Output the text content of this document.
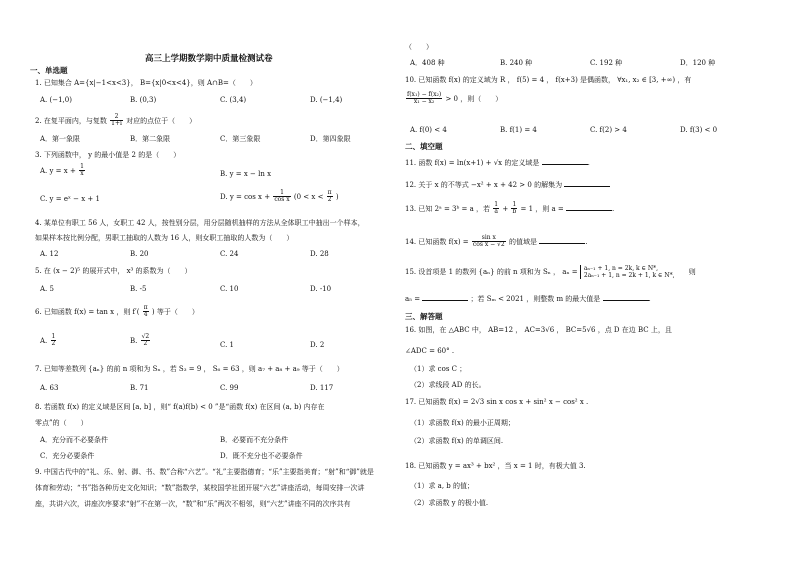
高三上学期数学期中质量检测试卷
一、单选题
1. 已知集合 A={x|−1<x<3}， B={x|0<x<4}，则 A∩B=（　　）
A. (−1,0)	B. (0,3)	C. (3,4)	D. (−1,4)
2. 在复平面内，与复数 $\frac{2}{1+i}$ 对应的点位于（　　）
A．第一象限	B．第二象限	C．第三象限	D．第四象限
3. 下列函数中， y 的最小值是 2 的是（　　）
A. $y = x + \frac{1}{x}$	B. y = x − ln x
C. y = eˣ − x + 1	D. $y = \cos x + \frac{1}{\text{cos x}} (0 < x < \frac{\pi}{2}$ )
4. 某单位有职工 56 人，女职工 42 人，按性别分层，用分层随机抽样的方法从全体职工中抽出一个样本，
如果样本按比例分配，男职工抽取的人数为 16 人，则女职工抽取的人数为（　　）
A. 12	B. 20	C. 24	D. 28
5. 在 (x − 2)⁵ 的展开式中， x³ 的系数为（　　）
A. 5	B. -5	C. 10	D. -10
6. 已知函数 f(x) = tan x ，则 $f'( \frac{\pi}{4}$ ) 等于（　　）
A. $\frac{1}{2}$	B. $\frac{√2}{2}$	C. 1	D. 2
7. 已知等差数列 {aₙ} 的前 n 项和为 Sₙ ，若 S₃ = 9 ， S₆ = 63 ，则 a₇ + a₈ + a₉ 等于（　　）
A. 63	B. 71	C. 99	D. 117
8. 若函数 f(x) 的定义域是区间 [a, b] ，则“ f(a)f(b) < 0 ”是“函数 f(x) 在区间 (a, b) 内存在
零点”的（　　）
A．充分而不必要条件	B．必要而不充分条件
C．充分必要条件	D．既不充分也不必要条件
9. 中国古代中的“礼、乐、射、御、书、数”合称“六艺”。“礼”主要指德育；“乐”主要指美育；“射”和“御”就是
体育和劳动；“书”指各种历史文化知识；“数”指数学，某校国学社团开展“六艺”讲座活动，每周安排一次讲
座，共讲六次，讲座次序要求“射”不在第一次，“数”和“乐”两次不相邻，则“六艺”讲座不同的次序共有
（　　）
A．408 种	B. 240 种	C. 192 种	D．120 种
10. 已知函数 f(x) 的定义域为 R ， f(5) = 4 ， f(x+3) 是偶函数， ∀x₁, x₂ ∈ [3, +∞) ，有
$\frac{\text{f(x₁) − f(x₂)}}{\text{x₁ − x₂}} > 0$ ，则（　　）
A. f(0) < 4	B. f(1) = 4	C. f(2) > 4	D. f(3) < 0
二、填空题
11. 函数 f(x) = ln(x+1) + √x 的定义域是	.
12. 关于 x 的不等式 −x² + x + 42 > 0 的解集为
13. 已知 2ᵃ = 3ᵇ = a ，若 $\frac{1}{a} + \frac{1}{b} = 1$ ，则 a =	.
14. 已知函数 $f(x) = \frac{\text{sin x}}{\text{cos x − √2}}$ 的值域是	.
15. 设首项是 1 的数列 {aₙ} 的前 n 项和为 Sₙ ， aₙ = aₙ₋₁ + 1, n = 2k, k ∈ N*,
2aₙ₋₁ + 1, n = 2k + 1, k ∈ N*, 则
a₅ =	；若 Sₘ < 2021 ，则整数 m 的最大值是	.
三、解答题
16. 如图，在 △ABC 中， AB=12 ， AC=3√6 ， BC=5√6 ，点 D 在边 BC 上，且
∠ADC = 60° .
（1）求 cos C ；
（2）求线段 AD 的长。
17. 已知函数 f(x) = 2√3 sin x cos x + sin² x − cos² x .
（1）求函数 f(x) 的最小正周期；
（2）求函数 f(x) 的单调区间.
18. 已知函数 y = ax³ + bx² ，当 x = 1 时，有极大值 3.
（1）求 a, b 的值；
（2）求函数 y 的极小值.
